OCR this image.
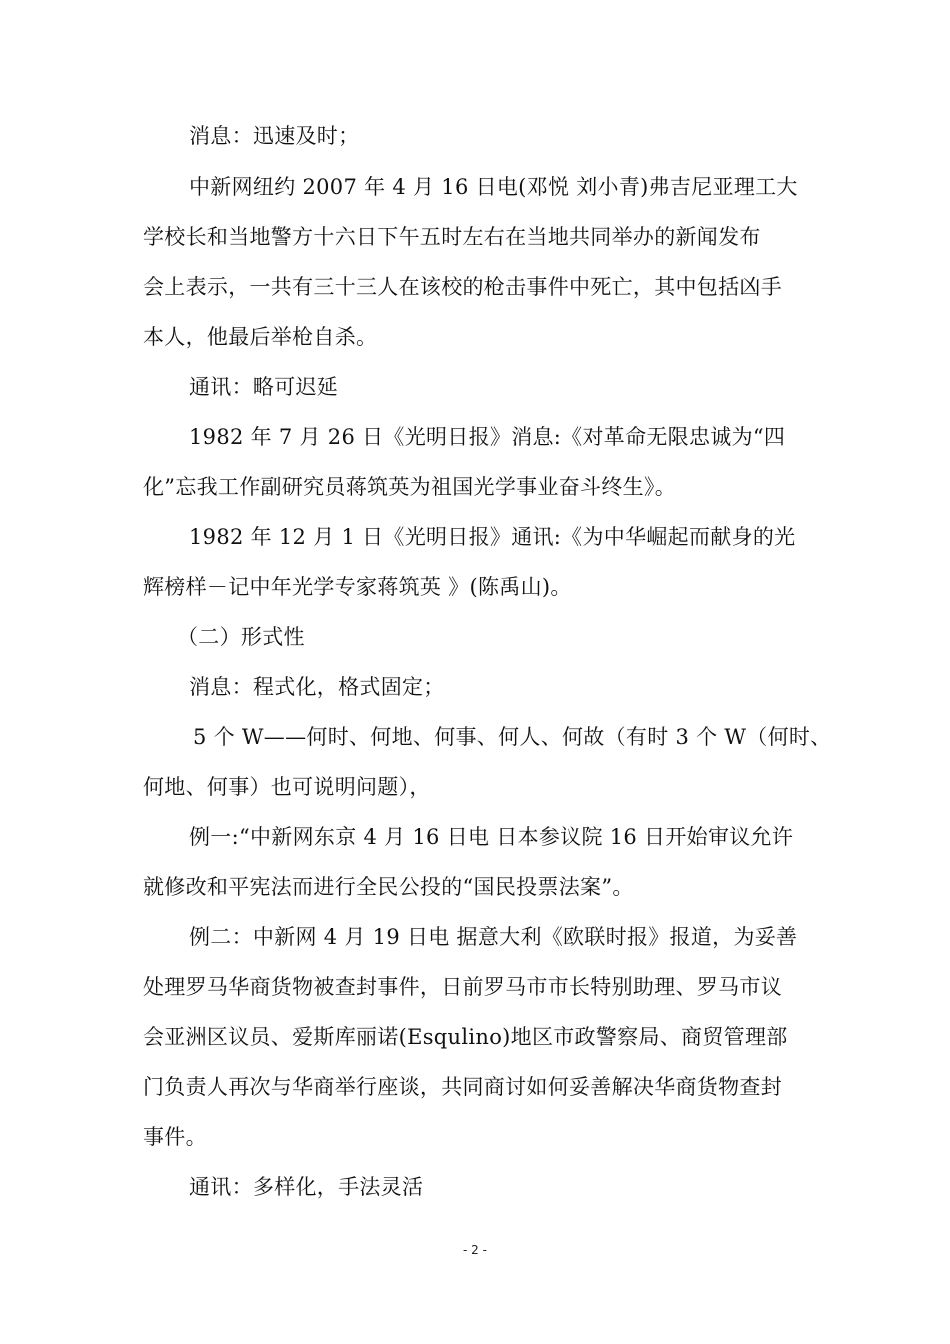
消息：迅速及时；
中新网纽约 2007 年 4 月 16 日电(邓悦 刘小青)弗吉尼亚理工大
学校长和当地警方十六日下午五时左右在当地共同举办的新闻发布
会上表示，一共有三十三人在该校的枪击事件中死亡，其中包括凶手
本人，他最后举枪自杀。
通讯：略可迟延
1982 年 7 月 26 日《光明日报》消息:《对革命无限忠诚为“四
化”忘我工作副研究员蒋筑英为祖国光学事业奋斗终生》。
1982 年 12 月 1 日《光明日报》通讯:《为中华崛起而献身的光
辉榜样－记中年光学专家蒋筑英 》(陈禹山)。
（二）形式性
消息：程式化，格式固定；
5 个 W——何时、何地、何事、何人、何故（有时 3 个 W（何时、
何地、何事）也可说明问题），
例一:“中新网东京 4 月 16 日电 日本参议院 16 日开始审议允许
就修改和平宪法而进行全民公投的“国民投票法案”。
例二：中新网 4 月 19 日电 据意大利《欧联时报》报道，为妥善
处理罗马华商货物被查封事件，日前罗马市市长特别助理、罗马市议
会亚洲区议员、爱斯库丽诺(Esqulino)地区市政警察局、商贸管理部
门负责人再次与华商举行座谈，共同商讨如何妥善解决华商货物查封
事件。
通讯：多样化，手法灵活
- 2 -
